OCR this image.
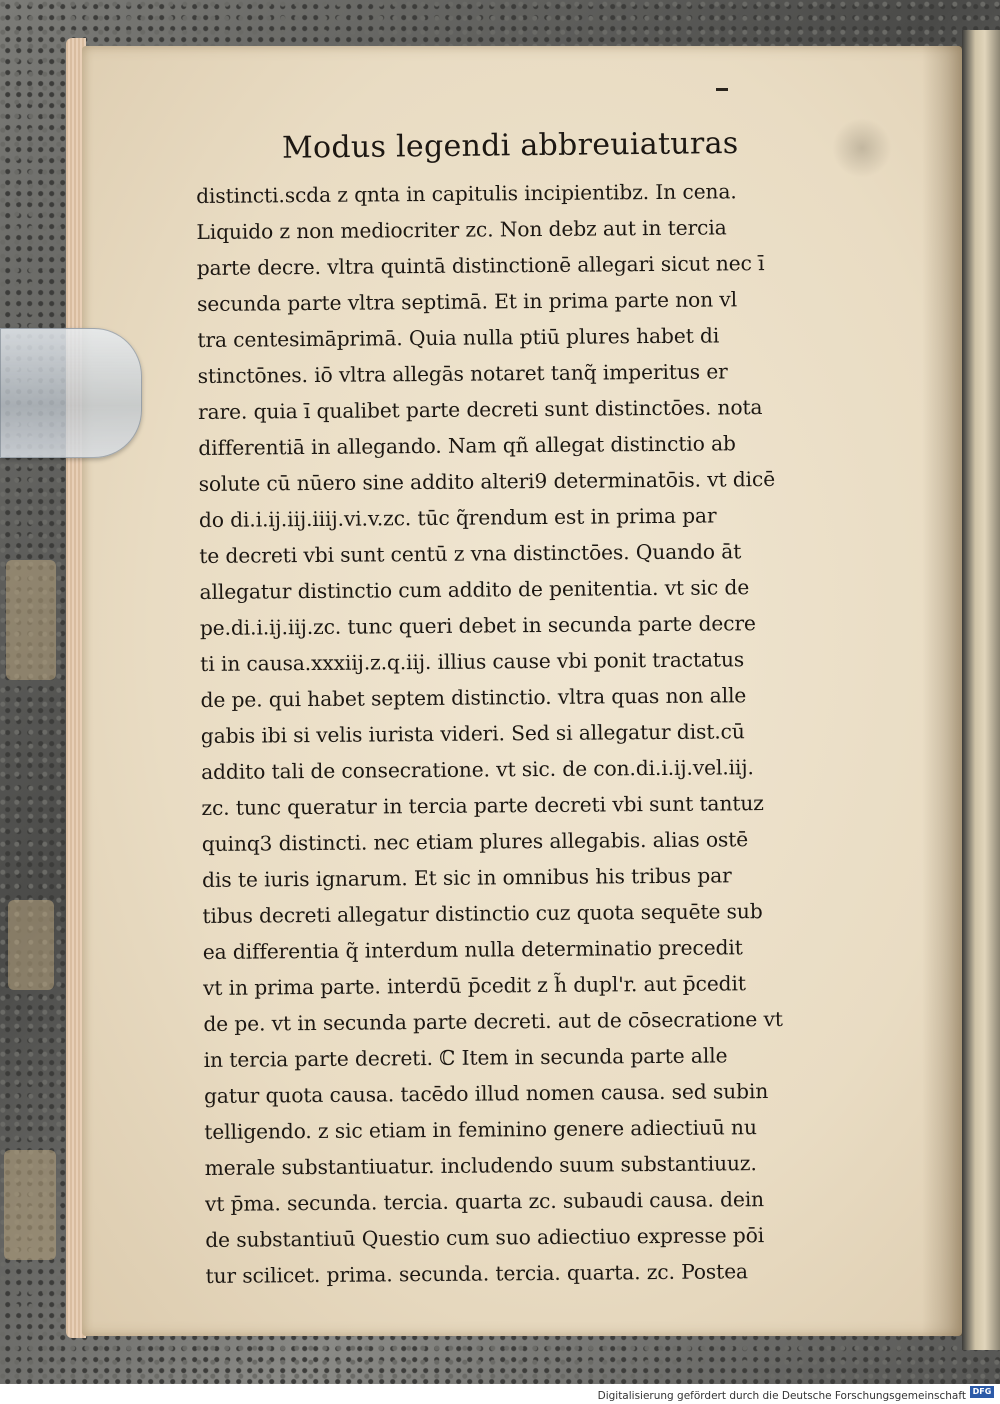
Modus legendi abbreuiaturas
distincti.scda z qnta in capitulis incipientibz. In cena.
Liquido z non mediocriter zc. Non debz aut in tercia
parte decre. vltra quintā distinctionē allegari sicut nec ī
secunda parte vltra septimā. Et in prima parte non vl
tra centesimāprimā. Quia nulla ptiū plures habet di
stinctōnes. iō vltra allegās notaret tanq̃ imperitus er
rare. quia ī qualibet parte decreti sunt distinctōes. nota
differentiā in allegando. Nam qñ allegat distinctio ab
solute cū nūero sine addito alteri9 determinatōis. vt dicē
do di.i.ij.iij.iiij.vi.v.zc. tūc q̃rendum est in prima par
te decreti vbi sunt centū z vna distinctōes. Quando āt
allegatur distinctio cum addito de penitentia. vt sic de
pe.di.i.ij.iij.zc. tunc queri debet in secunda parte decre
ti in causa.xxxiij.z.q.iij. illius cause vbi ponit tractatus
de pe. qui habet septem distinctio. vltra quas non alle
gabis ibi si velis iurista videri. Sed si allegatur dist.cū
addito tali de consecratione. vt sic. de con.di.i.ij.vel.iij.
zc. tunc queratur in tercia parte decreti vbi sunt tantuz
quinq3 distincti. nec etiam plures allegabis. alias ostē
dis te iuris ignarum. Et sic in omnibus his tribus par
tibus decreti allegatur distinctio cuz quota sequēte sub
ea differentia q̃ interdum nulla determinatio precedit
vt in prima parte. interdū p̄cedit z h̃ dupl'r. aut p̄cedit
de pe. vt in secunda parte decreti. aut de cōsecratione vt
in tercia parte decreti. ℂ Item in secunda parte alle
gatur quota causa. tacēdo illud nomen causa. sed subin
telligendo. z sic etiam in feminino genere adiectiuū nu
merale substantiuatur. includendo suum substantiuuz.
vt p̄ma. secunda. tercia. quarta zc. subaudi causa. dein
de substantiuū Questio cum suo adiectiuo expresse pōi
tur scilicet. prima. secunda. tercia. quarta. zc. Postea
Digitalisierung gefördert durch die Deutsche Forschungsgemeinschaft DFG
